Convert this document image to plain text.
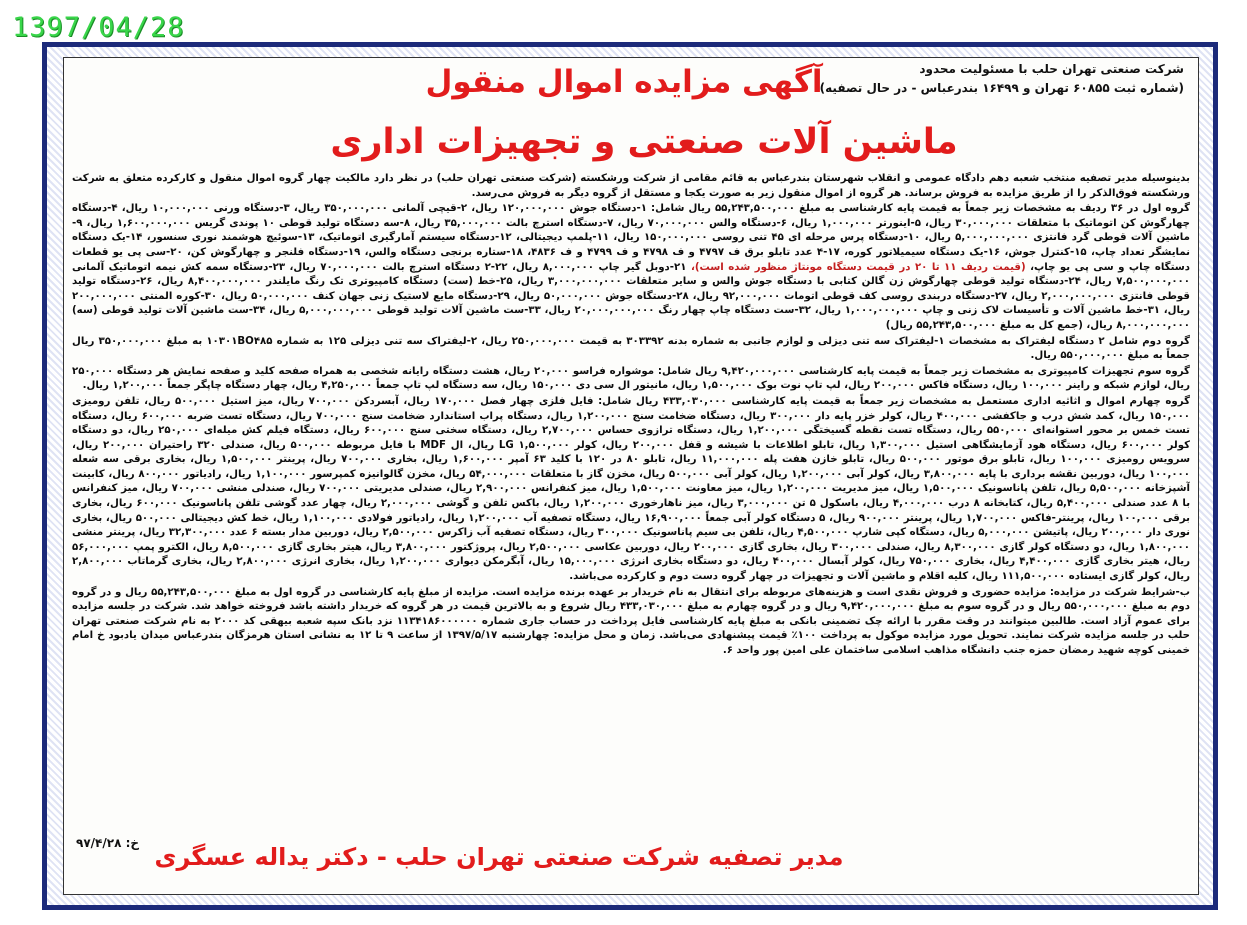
1397/04/28
شرکت صنعتی تهران حلب با مسئولیت محدود
(شماره ثبت ۶۰۸۵۵ تهران و ۱۶۴۹۹ بندرعباس - در حال تصفیه)
آگهی مزایده اموال منقول
ماشین آلات صنعتی و تجهیزات اداری

بدینوسیله مدیر تصفیه منتخب شعبه دهم دادگاه عمومی و انقلاب شهرستان بندرعباس به قائم مقامی از شرکت ورشکسته (شرکت صنعتی تهران حلب) در نظر دارد مالکیت چهار گروه اموال منقول و کارکرده متعلق به شرکت ورشکسته فوق‌الذکر را از طریق مزایده به فروش برساند. هر گروه از اموال منقول زیر به صورت یکجا و مستقل از گروه دیگر به فروش می‌رسد.

گروه اول در ۳۶ ردیف به مشخصات زیر جمعاً به قیمت پایه کارشناسی به مبلغ ۵۵,۲۴۳,۵۰۰,۰۰۰ ریال شامل: ۱-دستگاه جوش ۱۲۰,۰۰۰,۰۰۰ ریال، ۲-قیچی آلمانی ۳۵۰,۰۰۰,۰۰۰ ریال، ۳-دستگاه ورنی ۱۰,۰۰۰,۰۰۰ ریال، ۴-دستگاه چهارگوش کن اتوماتیک با متعلقات ۳۰,۰۰۰,۰۰۰ ریال، ۵-اینورتر ۱,۰۰۰,۰۰۰ ریال، ۶-دستگاه والس ۷۰,۰۰۰,۰۰۰ ریال، ۷-دستگاه استرچ بالت ۳۵,۰۰۰,۰۰۰ ریال، ۸-سه دستگاه تولید قوطی ۱۰ پوندی گریس ۱,۶۰۰,۰۰۰,۰۰۰ ریال، ۹-ماشین آلات قوطی گرد فانتزی ۵,۰۰۰,۰۰۰,۰۰۰ ریال، ۱۰-دستگاه پرس مرحله ای ۴۵ تنی روسی ۱۵۰,۰۰۰,۰۰۰ ریال، ۱۱-پلمپ دیجیتالی، ۱۲-دستگاه سیستم آمارگیری اتوماتیک، ۱۳-سوئیچ هوشمند نوری سنسور، ۱۴-یک دستگاه نمایشگر تعداد چاپ، ۱۵-کنترل جوش، ۱۶-یک دستگاه سیمیلاتور کوره، ۱۷-۴ عدد تابلو برق ف ۴۷۹۷ و ف ۴۷۹۸ و ف ۴۷۹۹ و ف ۴۸۳۶، ۱۸-ستاره برنجی دستگاه والس، ۱۹-دستگاه فلنجر و چهارگوش کن، ۲۰-سی پی یو قطعات دستگاه چاپ و سی پی یو چاپ، (قیمت ردیف ۱۱ تا ۲۰ در قیمت دستگاه مونتاژ منظور شده است)، ۲۱-دوبل گیر چاپ ۸,۰۰۰,۰۰۰ ریال، ۲۲-۲ دستگاه استرچ بالت ۷۰,۰۰۰,۰۰۰ ریال، ۲۳-دستگاه سمه کش نیمه اتوماتیک آلمانی ۷,۵۰۰,۰۰۰,۰۰۰ ریال، ۲۴-دستگاه تولید قوطی چهارگوش زن گالن کتابی با دستگاه جوش والس و سایر متعلقات ۳,۰۰۰,۰۰۰,۰۰۰ ریال، ۲۵-خط (ست) دستگاه کامپیوتری تک رنگ مایلندر ۸,۴۰۰,۰۰۰,۰۰۰ ریال، ۲۶-دستگاه تولید قوطی فانتزی ۲,۰۰۰,۰۰۰,۰۰۰ ریال، ۲۷-دستگاه دربندی روسی کف قوطی اتومات ۹۲,۰۰۰,۰۰۰ ریال، ۲۸-دستگاه جوش ۵۰,۰۰۰,۰۰۰ ریال، ۲۹-دستگاه مایع لاستیک زنی جهان کنف ۵۰,۰۰۰,۰۰۰ ریال، ۳۰-کوره المنتی ۲۰۰,۰۰۰,۰۰۰ ریال، ۳۱-خط ماشین آلات و تأسیسات لاک زنی و چاپ ۱,۰۰۰,۰۰۰,۰۰۰ ریال، ۳۲-ست دستگاه چاپ چهار رنگ ۲۰,۰۰۰,۰۰۰,۰۰۰ ریال، ۳۳-ست ماشین آلات تولید قوطی ۵,۰۰۰,۰۰۰,۰۰۰ ریال، ۳۴-ست ماشین آلات تولید قوطی (سه) ۸,۰۰۰,۰۰۰,۰۰۰ ریال، (جمع کل به مبلغ ۵۵,۲۴۳,۵۰۰,۰۰۰ ریال)

گروه دوم شامل ۲ دستگاه لیفتراک به مشخصات ۱-لیفتراک سه تنی دیزلی و لوازم جانبی به شماره بدنه ۳۰۳۳۹۲ به قیمت ۲۵۰,۰۰۰,۰۰۰ ریال، ۲-لیفتراک سه تنی دیزلی ۱۲۵ به شماره ۱۰۳۰۱BO۴۸۵ به مبلغ ۳۵۰,۰۰۰,۰۰۰ ریال جمعاً به مبلغ ۵۵۰,۰۰۰,۰۰۰ ریال.

گروه سوم تجهیزات کامپیوتری به مشخصات زیر جمعاً به قیمت پایه کارشناسی ۹,۴۲۰,۰۰۰,۰۰۰ ریال شامل: موشواره فراسو ۲۰,۰۰۰ ریال، هشت دستگاه رایانه شخصی به همراه صفحه کلید و صفحه نمایش هر دستگاه ۲۵۰,۰۰۰ ریال، لوازم شبکه و راینر ۱۰۰,۰۰۰ ریال، دستگاه فاکس ۲۰۰,۰۰۰ ریال، لپ تاپ نوت بوک ۱,۵۰۰,۰۰۰ ریال، مانیتور ال سی دی ۱۵۰,۰۰۰ ریال، سه دستگاه لپ تاپ جمعاً ۴,۲۵۰,۰۰۰ ریال، چهار دستگاه چاپگر جمعاً ۱,۲۰۰,۰۰۰ ریال.

گروه چهارم اموال و اثاثیه اداری مستعمل به مشخصات زیر جمعاً به قیمت پایه کارشناسی ۴۳۳,۰۳۰,۰۰۰ ریال شامل: فایل فلزی چهار فصل ۱۷۰,۰۰۰ ریال، آبسردکن ۷۰۰,۰۰۰ ریال، میز استیل ۵۰۰,۰۰۰ ریال، تلفن رومیزی ۱۵۰,۰۰۰ ریال، کمد شش درب و جاکفشی ۴۰۰,۰۰۰ ریال، کولر خزر پایه دار ۳۰۰,۰۰۰ ریال، دستگاه ضخامت سنج ۱,۲۰۰,۰۰۰ ریال، دستگاه پراب استاندارد ضخامت سنج ۷۰۰,۰۰۰ ریال، دستگاه تست ضربه ۶۰۰,۰۰۰ ریال، دستگاه تست خمس بر محور استوانه‌ای ۵۵۰,۰۰۰ ریال، دستگاه تست نقطه گسیختگی ۱,۲۰۰,۰۰۰ ریال، دستگاه ترازوی حساس ۲,۷۰۰,۰۰۰ ریال، دستگاه سختی سنج ۶۰۰,۰۰۰ ریال، دستگاه فیلم کش میله‌ای ۲۵۰,۰۰۰ ریال، دو دستگاه کولر ۶۰۰,۰۰۰ ریال، دستگاه هود آزمایشگاهی استیل ۱,۳۰۰,۰۰۰ ریال، تابلو اطلاعات با شیشه و قفل ۲۰۰,۰۰۰ ریال، کولر LG ۱,۵۰۰,۰۰۰ ریال، ال MDF با فایل مربوطه ۵۰۰,۰۰۰ ریال، صندلی ۳۲۰ راحتیران ۲۰۰,۰۰۰ ریال، سرویس رومیزی ۱۰۰,۰۰۰ ریال، تابلو برق موتور ۵۰۰,۰۰۰ ریال، تابلو خازن هفت پله ۱۱,۰۰۰,۰۰۰ ریال، تابلو ۸۰ در ۱۲۰ با کلید ۶۳ آمپر ۱,۶۰۰,۰۰۰ ریال، بخاری ۷۰۰,۰۰۰ ریال، پرینتر ۱,۵۰۰,۰۰۰ ریال، بخاری برقی سه شعله ۱۰۰,۰۰۰ ریال، دوربین نقشه برداری با پایه ۳,۸۰۰,۰۰۰ ریال، کولر آبی ۱,۲۰۰,۰۰۰ ریال، کولر آبی ۵۰۰,۰۰۰ ریال، مخزن گاز با متعلقات ۵۴,۰۰۰,۰۰۰ ریال، مخزن گالوانیزه کمپرسور ۱,۱۰۰,۰۰۰ ریال، رادیاتور ۸۰۰,۰۰۰ ریال، کابینت آشپزخانه ۵,۵۰۰,۰۰۰ ریال، تلفن پاناسونیک ۱,۵۰۰,۰۰۰ ریال، میز مدیریت ۱,۲۰۰,۰۰۰ ریال، میز معاونت ۱,۵۰۰,۰۰۰ ریال، میز کنفرانس ۲,۹۰۰,۰۰۰ ریال، صندلی مدیریتی ۷۰۰,۰۰۰ ریال، صندلی منشی ۷۰۰,۰۰۰ ریال، میز کنفرانس با ۸ عدد صندلی ۵,۴۰۰,۰۰۰ ریال، کتابخانه ۸ درب ۴,۰۰۰,۰۰۰ ریال، باسکول ۵ تن ۳,۰۰۰,۰۰۰ ریال، میز ناهارخوری ۱,۲۰۰,۰۰۰ ریال، باکس تلفن و گوشی ۲,۰۰۰,۰۰۰ ریال، چهار عدد گوشی تلفن پاناسونیک ۶۰۰,۰۰۰ ریال، بخاری برقی ۱۰۰,۰۰۰ ریال، پرینتر-فاکس ۱,۷۰۰,۰۰۰ ریال، پرینتر ۹۰۰,۰۰۰ ریال، ۵ دستگاه کولر آبی جمعاً ۱۶,۹۰۰,۰۰۰ ریال، دستگاه تصفیه آب ۱,۲۰۰,۰۰۰ ریال، رادیاتور فولادی ۱,۱۰۰,۰۰۰ ریال، خط کش دیجیتالی ۵۰۰,۰۰۰ ریال، بخاری نوری دار ۲۰۰,۰۰۰ ریال، پاتیشن ۵,۰۰۰,۰۰۰ ریال، دستگاه کپی شارپ ۴,۵۰۰,۰۰۰ ریال، تلفن بی سیم پاناسونیک ۳۰۰,۰۰۰ ریال، دستگاه تصفیه آب زاکرس ۲,۵۰۰,۰۰۰ ریال، دوربین مدار بسته ۶ عدد ۳۲,۳۰۰,۰۰۰ ریال، پرینتر منشی ۱,۸۰۰,۰۰۰ ریال، دو دستگاه کولر گازی ۸,۳۰۰,۰۰۰ ریال، صندلی ۳۰۰,۰۰۰ ریال، بخاری گازی ۲۰۰,۰۰۰ ریال، دوربین عکاسی ۲,۵۰۰,۰۰۰ ریال، پروژکتور ۳,۸۰۰,۰۰۰ ریال، هیتر بخاری گازی ۸,۵۰۰,۰۰۰ ریال، الکترو پمپ ۵۶,۰۰۰,۰۰۰ ریال، هیتر بخاری گازی ۴,۴۰۰,۰۰۰ ریال، بخاری ۷۵۰,۰۰۰ ریال، کولر آبسال ۴۰۰,۰۰۰ ریال، دو دستگاه بخاری انرژی ۱۵,۰۰۰,۰۰۰ ریال، آبگرمکن دیواری ۱,۲۰۰,۰۰۰ ریال، بخاری انرژی ۲,۸۰۰,۰۰۰ ریال، بخاری گرماتاب ۲,۸۰۰,۰۰۰ ریال، کولر گازی ایستاده ۱۱۱,۵۰۰,۰۰۰ ریال، کلیه اقلام و ماشین آلات و تجهیزات در چهار گروه دست دوم و کارکرده می‌باشد.

ب-شرایط شرکت در مزایده: مزایده حضوری و فروش نقدی است و هزینه‌های مربوطه برای انتقال به نام خریدار بر عهده برنده مزایده است. مزایده از مبلغ پایه کارشناسی در گروه اول به مبلغ ۵۵,۲۴۳,۵۰۰,۰۰۰ ریال و در گروه دوم به مبلغ ۵۵۰,۰۰۰,۰۰۰ ریال و در گروه سوم به مبلغ ۹,۴۲۰,۰۰۰,۰۰۰ ریال و در گروه چهارم به مبلغ ۴۳۳,۰۳۰,۰۰۰ ریال شروع و به بالاترین قیمت در هر گروه که خریدار داشته باشد فروخته خواهد شد. شرکت در جلسه مزایده برای عموم آزاد است. طالبین میتوانند در وقت مقرر با ارائه چک تضمینی بانکی به مبلغ پایه کارشناسی فایل پرداخت در حساب جاری شماره ۱۱۳۴۱۸۶۰۰۰۰۰۰ نزد بانک سپه شعبه بیهقی کد ۲۰۰۰ به نام شرکت صنعتی تهران حلب در جلسه مزایده شرکت نمایند. تحویل مورد مزایده موکول به پرداخت ۱۰۰٪ قیمت پیشنهادی می‌باشد. زمان و محل مزایده: چهارشنبه ۱۳۹۷/۵/۱۷ از ساعت ۹ تا ۱۲ به نشانی استان هرمزگان بندرعباس میدان یادبود خ امام خمینی کوچه شهید رمضان حمزه جنب دانشگاه مذاهب اسلامی ساختمان علی امین پور واحد ۶.

خ: ۹۷/۴/۲۸ مدیر تصفیه شرکت صنعتی تهران حلب - دکتر یداله عسگری
